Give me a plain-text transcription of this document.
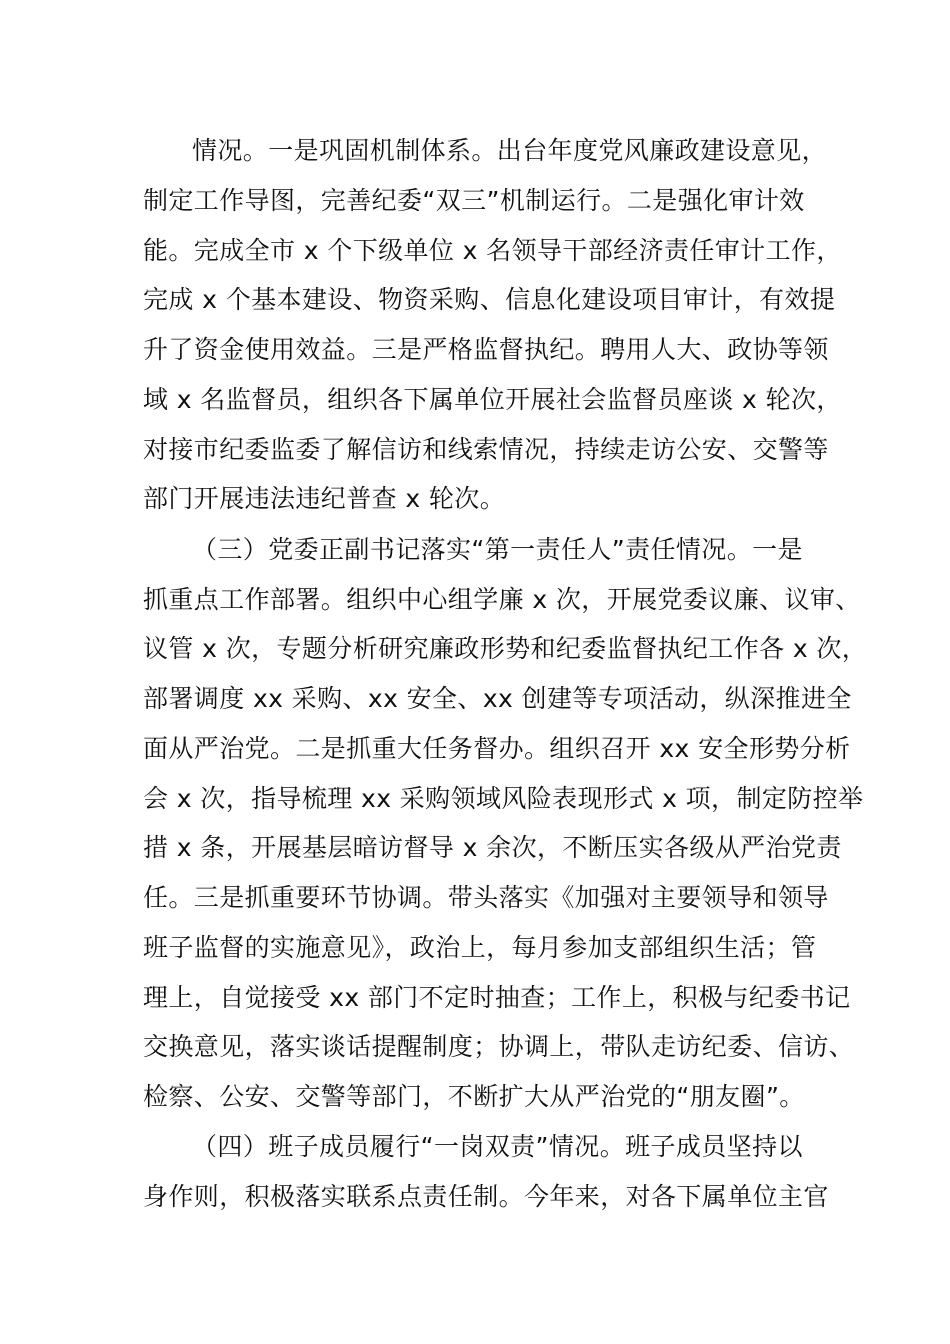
情况。一是巩固机制体系。出台年度党风廉政建设意见，
制定工作导图，完善纪委“双三”机制运行。二是强化审计效
能。完成全市 x 个下级单位 x 名领导干部经济责任审计工作，
完成 x 个基本建设、物资采购、信息化建设项目审计，有效提
升了资金使用效益。三是严格监督执纪。聘用人大、政协等领
域 x 名监督员，组织各下属单位开展社会监督员座谈 x 轮次，
对接市纪委监委了解信访和线索情况，持续走访公安、交警等
部门开展违法违纪普查 x 轮次。
（三）党委正副书记落实“第一责任人”责任情况。一是
抓重点工作部署。组织中心组学廉 x 次，开展党委议廉、议审、
议管 x 次，专题分析研究廉政形势和纪委监督执纪工作各 x 次，
部署调度 xx 采购、xx 安全、xx 创建等专项活动，纵深推进全
面从严治党。二是抓重大任务督办。组织召开 xx 安全形势分析
会 x 次，指导梳理 xx 采购领域风险表现形式 x 项，制定防控举
措 x 条，开展基层暗访督导 x 余次，不断压实各级从严治党责
任。三是抓重要环节协调。带头落实《加强对主要领导和领导
班子监督的实施意见》，政治上，每月参加支部组织生活；管
理上，自觉接受 xx 部门不定时抽查；工作上，积极与纪委书记
交换意见，落实谈话提醒制度；协调上，带队走访纪委、信访、
检察、公安、交警等部门，不断扩大从严治党的“朋友圈”。
（四）班子成员履行“一岗双责”情况。班子成员坚持以
身作则，积极落实联系点责任制。今年来，对各下属单位主官
